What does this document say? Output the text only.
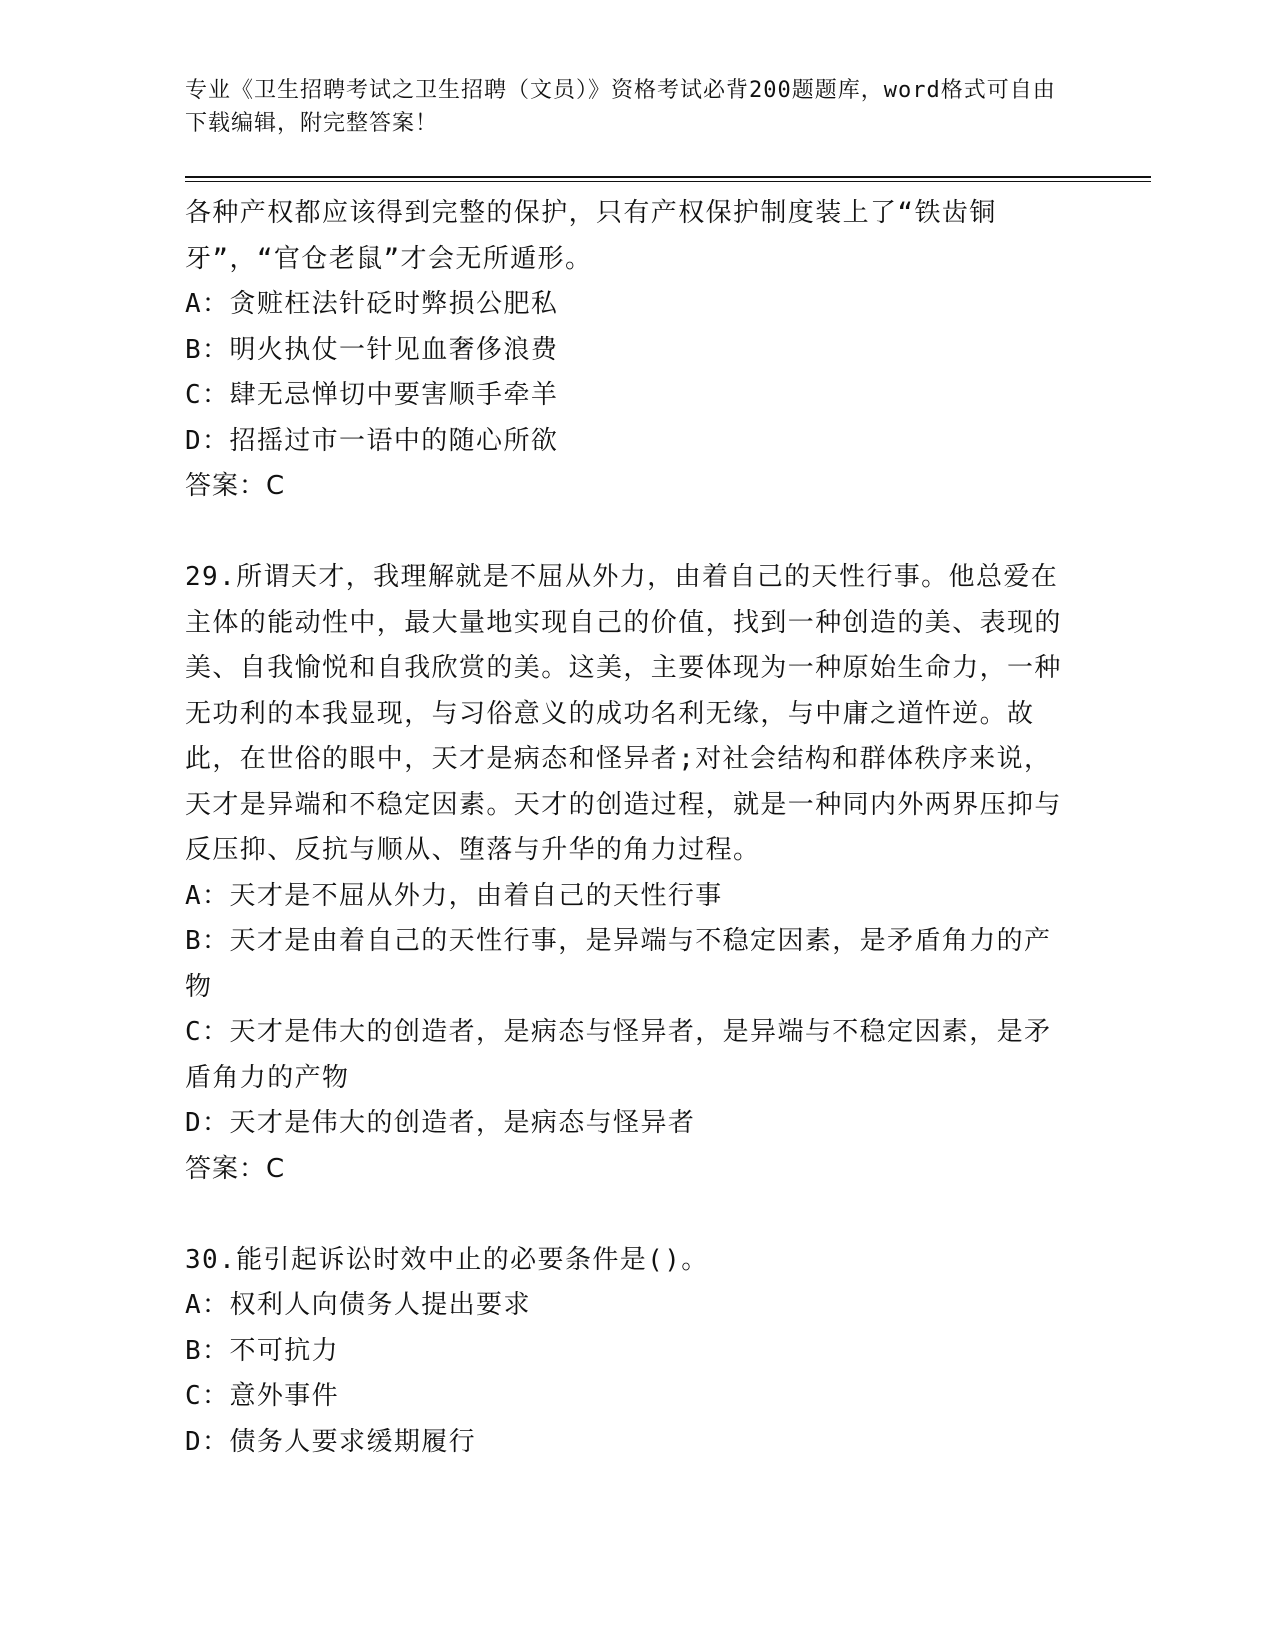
专业《卫生招聘考试之卫生招聘（文员）》资格考试必背200题题库，word格式可自由下载编辑，附完整答案！
各种产权都应该得到完整的保护，只有产权保护制度装上了“铁齿铜牙”，“官仓老鼠”才会无所遁形。
A：贪赃枉法针砭时弊损公肥私
B：明火执仗一针见血奢侈浪费
C：肆无忌惮切中要害顺手牵羊
D：招摇过市一语中的随心所欲
答案：C
29.所谓天才，我理解就是不屈从外力，由着自己的天性行事。他总爱在主体的能动性中，最大量地实现自己的价值，找到一种创造的美、表现的美、自我愉悦和自我欣赏的美。这美，主要体现为一种原始生命力，一种无功利的本我显现，与习俗意义的成功名利无缘，与中庸之道忤逆。故此，在世俗的眼中，天才是病态和怪异者;对社会结构和群体秩序来说，天才是异端和不稳定因素。天才的创造过程，就是一种同内外两界压抑与反压抑、反抗与顺从、堕落与升华的角力过程。
A：天才是不屈从外力，由着自己的天性行事
B：天才是由着自己的天性行事，是异端与不稳定因素，是矛盾角力的产物
C：天才是伟大的创造者，是病态与怪异者，是异端与不稳定因素，是矛盾角力的产物
D：天才是伟大的创造者，是病态与怪异者
答案：C
30.能引起诉讼时效中止的必要条件是()。
A：权利人向债务人提出要求
B：不可抗力
C：意外事件
D：债务人要求缓期履行
